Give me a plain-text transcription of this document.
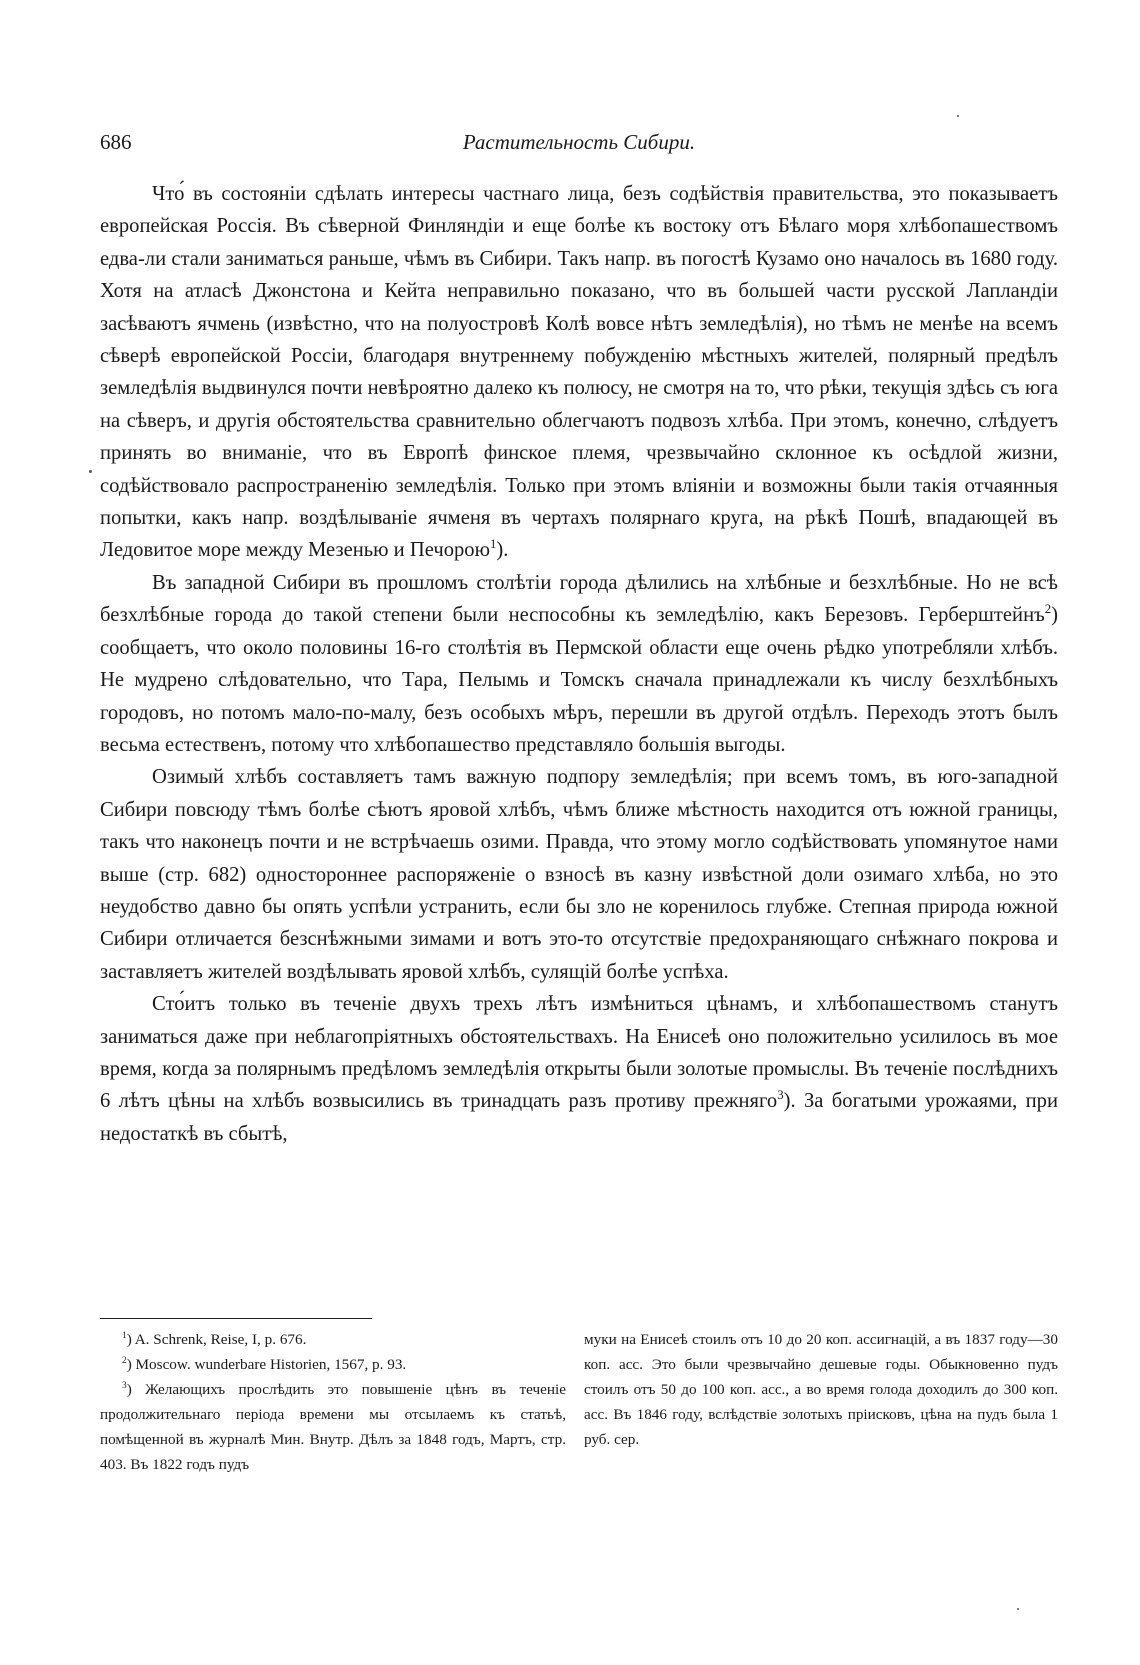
686	Растительность Сибири.

Что́ въ состоянiи сдѣлать интересы частнаго лица, безъ содѣйствiя правительства, это показываетъ европейская Россiя. Въ сѣверной Финляндiи и еще болѣе къ востоку отъ Бѣлаго моря хлѣбопашествомъ едва-ли стали заниматься раньше, чѣмъ въ Сибири. Такъ напр. въ погостѣ Кузамо оно началось въ 1680 году. Хотя на атласѣ Джонстона и Кейта неправильно показано, что въ большей части русской Лапландiи засѣваютъ ячмень (извѣстно, что на полуостровѣ Колѣ вовсе нѣтъ земледѣлiя), но тѣмъ не менѣе на всемъ сѣверѣ европейской Россiи, благодаря внутреннему побужденiю мѣстныхъ жителей, полярный предѣлъ земледѣлiя выдвинулся почти невѣроятно далеко къ полюсу, не смотря на то, что рѣки, текущiя здѣсь съ юга на сѣверъ, и другiя обстоятельства сравнительно облегчаютъ подвозъ хлѣба. При этомъ, конечно, слѣдуетъ принять во вниманiе, что въ Европѣ финское племя, чрезвычайно склонное къ осѣдлой жизни, содѣйствовало распространенiю земледѣлiя. Только при этомъ влiянiи и возможны были такiя отчаянныя попытки, какъ напр. воздѣлыванiе ячменя въ чертахъ полярнаго круга, на рѣкѣ Пошѣ, впадающей въ Ледовитое море между Мезенью и Печорою$^1$).

Въ западной Сибири въ прошломъ столѣтiи города дѣлились на хлѣбные и безхлѣбные. Но не всѣ безхлѣбные города до такой степени были неспособны къ земледѣлiю, какъ Березовъ. Герберштейнъ$^2$) сообщаетъ, что около половины 16-го столѣтiя въ Пермской области еще очень рѣдко употребляли хлѣбъ. Не мудрено слѣдовательно, что Тара, Пелымь и Томскъ сначала принадлежали къ числу безхлѣбныхъ городовъ, но потомъ мало-по-малу, безъ особыхъ мѣръ, перешли въ другой отдѣлъ. Переходъ этотъ былъ весьма естественъ, потому что хлѣбопашество представляло большiя выгоды.

Озимый хлѣбъ составляетъ тамъ важную подпору земледѣлiя; при всемъ томъ, въ юго-западной Сибири повсюду тѣмъ болѣе сѣютъ яровой хлѣбъ, чѣмъ ближе мѣстность находится отъ южной границы, такъ что наконецъ почти и не встрѣчаешь озими. Правда, что этому могло содѣйствовать упомянутое нами выше (стр. 682) одностороннее распоряженiе о взносѣ въ казну извѣстной доли озимаго хлѣба, но это неудобство давно бы опять успѣли устранить, если бы зло не коренилось глубже. Степная природа южной Сибири отличается безснѣжными зимами и вотъ это-то отсутствiе предохраняющаго снѣжнаго покрова и заставляетъ жителей воздѣлывать яровой хлѣбъ, сулящiй болѣе успѣха.

Сто́итъ только въ теченiе двухъ трехъ лѣтъ измѣниться цѣнамъ, и хлѣбопашествомъ станутъ заниматься даже при неблагопрiятныхъ обстоятельствахъ. На Енисеѣ оно положительно усилилось въ мое время, когда за полярнымъ предѣломъ земледѣлiя открыты были золотые промыслы. Въ теченiе послѣднихъ 6 лѣтъ цѣны на хлѣбъ возвысились въ тринадцать разъ противу прежняго$^3$). За богатыми урожаями, при недостаткѣ въ сбытѣ,

$^1$) A. Schrenk, Reise, I, p. 676.

$^2$) Moscow. wunderbare Historien, 1567, p. 93.

$^3$) Желающихъ прослѣдить это повышенiе цѣнъ въ теченiе продолжительнаго перiода времени мы отсылаемъ къ статьѣ, помѣщенной въ журналѣ Мин. Внутр. Дѣлъ за 1848 годъ, Мартъ, стр. 403. Въ 1822 годъ пудъ

муки на Енисеѣ стоилъ отъ 10 до 20 коп. ассигнацiй, а въ 1837 году—30 коп. асс. Это были чрезвычайно дешевые годы. Обыкновенно пудъ стоилъ отъ 50 до 100 коп. асс., а во время голода доходилъ до 300 коп. асс. Въ 1846 году, вслѣдствiе золотыхъ прiисковъ, цѣна на пудъ была 1 руб. сер.
